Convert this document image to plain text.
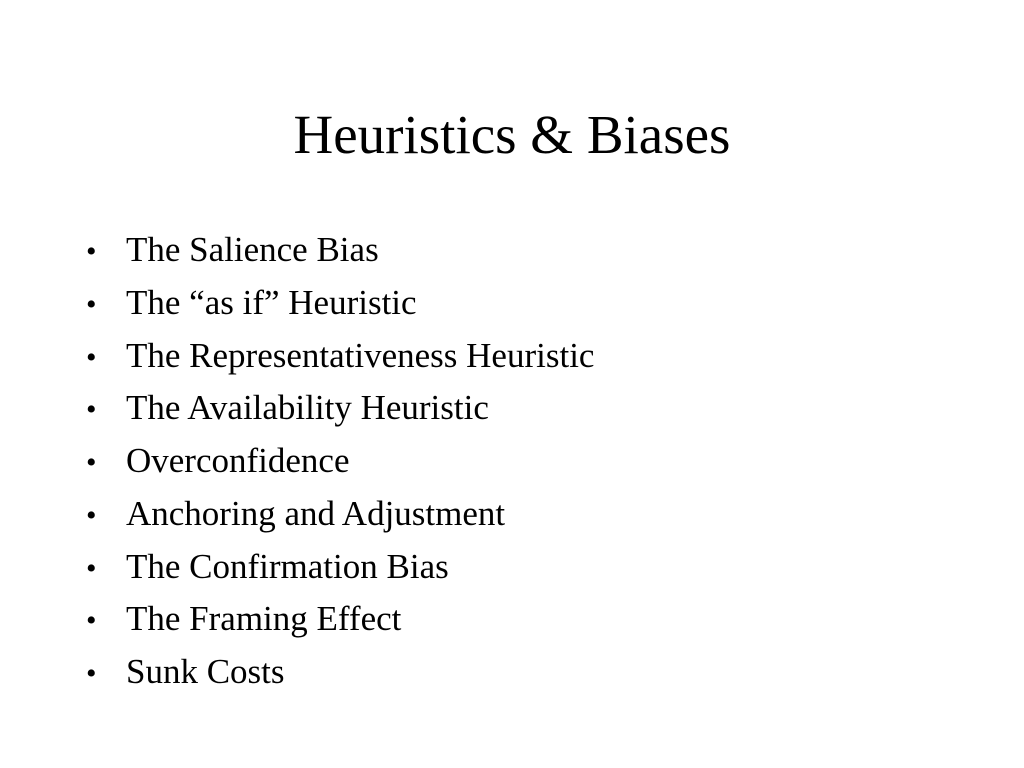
Heuristics & Biases
• The Salience Bias
• The “as if” Heuristic
• The Representativeness Heuristic
• The Availability Heuristic
• Overconfidence
• Anchoring and Adjustment
• The Confirmation Bias
• The Framing Effect
• Sunk Costs
